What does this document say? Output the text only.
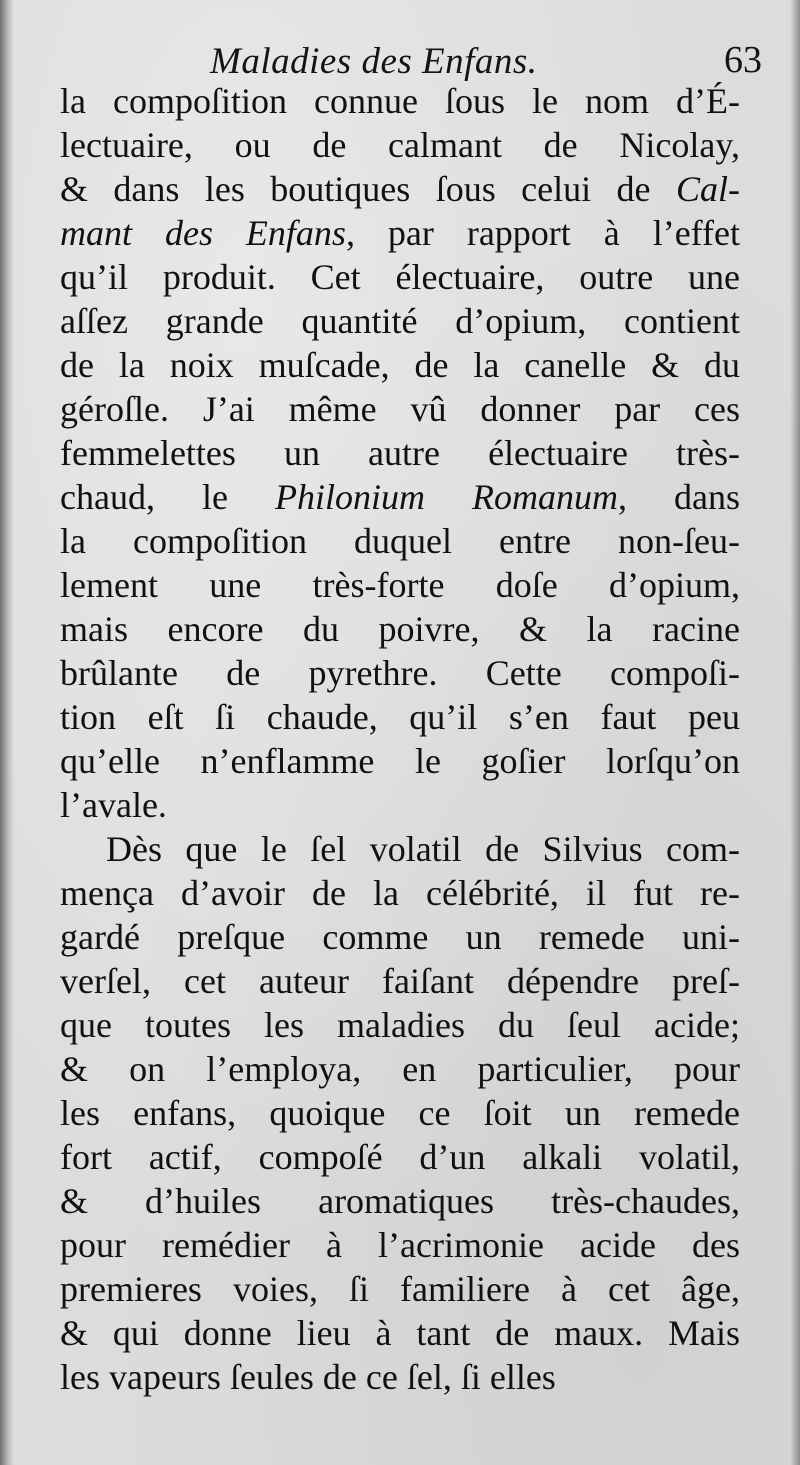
Maladies des Enfans.	63
la compoſition connue ſous le nom d’É-
lectuaire, ou de calmant de Nicolay,
& dans les boutiques ſous celui de Cal-
mant des Enfans, par rapport à l’effet
qu’il produit. Cet électuaire, outre une
aſſez grande quantité d’opium, contient
de la noix muſcade, de la canelle & du
géroſle. J’ai même vû donner par ces
femmelettes un autre électuaire très-
chaud, le Philonium Romanum, dans
la compoſition duquel entre non-ſeu-
lement une très-forte doſe d’opium,
mais encore du poivre, & la racine
brûlante de pyrethre. Cette compoſi-
tion eſt ſi chaude, qu’il s’en faut peu
qu’elle n’enflamme le goſier lorſqu’on
l’avale.
Dès que le ſel volatil de Silvius com-
mença d’avoir de la célébrité, il fut re-
gardé preſque comme un remede uni-
verſel, cet auteur faiſant dépendre preſ-
que toutes les maladies du ſeul acide;
& on l’employa, en particulier, pour
les enfans, quoique ce ſoit un remede
fort actif, compoſé d’un alkali volatil,
& d’huiles aromatiques très-chaudes,
pour remédier à l’acrimonie acide des
premieres voies, ſi familiere à cet âge,
& qui donne lieu à tant de maux. Mais
les vapeurs ſeules de ce ſel, ſi elles
